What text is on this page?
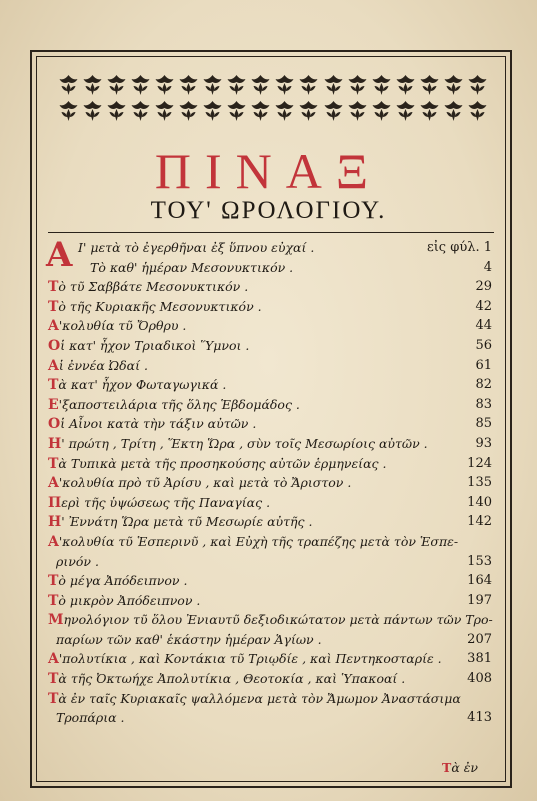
ΠΙΝΑΞ
ΤΟΥ' ΩΡΟΛΟΓΙΟΥ.
Α Ι' μετὰ τὸ ἐγερθῆναι ἐξ ὕπνου εὐχαί .	εἰς φύλ. 1
Τὸ καθ' ἡμέραν Μεσονυκτικόν .	4
Τὸ τῦ Σαββάτε Μεσονυκτικόν .	29
Τὸ τῆς Κυριακῆς Μεσονυκτικόν .	42
Α'κολυθία τῦ Ὄρθρυ .	44
Οἱ κατ' ἦχον Τριαδικοὶ Ὕμνοι .	56
Αἱ ἐννέα Ὠδαί .	61
Τὰ κατ' ἦχον Φωταγωγικά .	82
Ε'ξαποστειλάρια τῆς ὅλης Ἑβδομάδος .	83
Οἱ Αἶνοι κατὰ τὴν τάξιν αὐτῶν .	85
Η' πρώτη , Τρίτη , Ἕκτη Ὥρα , σὺν τοῖς Μεσωρίοις αὐτῶν .	93
Τὰ Τυπικὰ μετὰ τῆς προσηκούσης αὐτῶν ἑρμηνείας .	124
Α'κολυθία πρὸ τῦ Ἀρίσυ , καὶ μετὰ τὸ Ἄριστον .	135
Περὶ τῆς ὑψώσεως τῆς Παναγίας .	140
Η' Ἐννάτη Ὥρα μετὰ τῦ Μεσωρίε αὐτῆς .	142
Α'κολυθία τῦ Ἑσπερινῦ , καὶ Εὐχὴ τῆς τραπέζης μετὰ τὸν Ἑσπε-
ρινόν .	153
Τὸ μέγα Ἀπόδειπνον .	164
Τὸ μικρὸν Ἀπόδειπνον .	197
Μηνολόγιον τῦ ὅλου Ἐνιαυτῦ δεξιοδικώτατον μετὰ πάντων τῶν Τρο-
παρίων τῶν καθ' ἑκάστην ἡμέραν Ἁγίων .	207
Α'πολυτίκια , καὶ Κοντάκια τῦ Τριῳδίε , καὶ Πεντηκοσταρίε . 381
Τὰ τῆς Ὀκτωήχε Ἀπολυτίκια , Θεοτοκία , καὶ Ὑπακοαί .	408
Τὰ ἐν ταῖς Κυριακαῖς ψαλλόμενα μετὰ τὸν Ἄμωμον Ἀναστάσιμα
Τροπάρια .	413
Τὰ ἐν
